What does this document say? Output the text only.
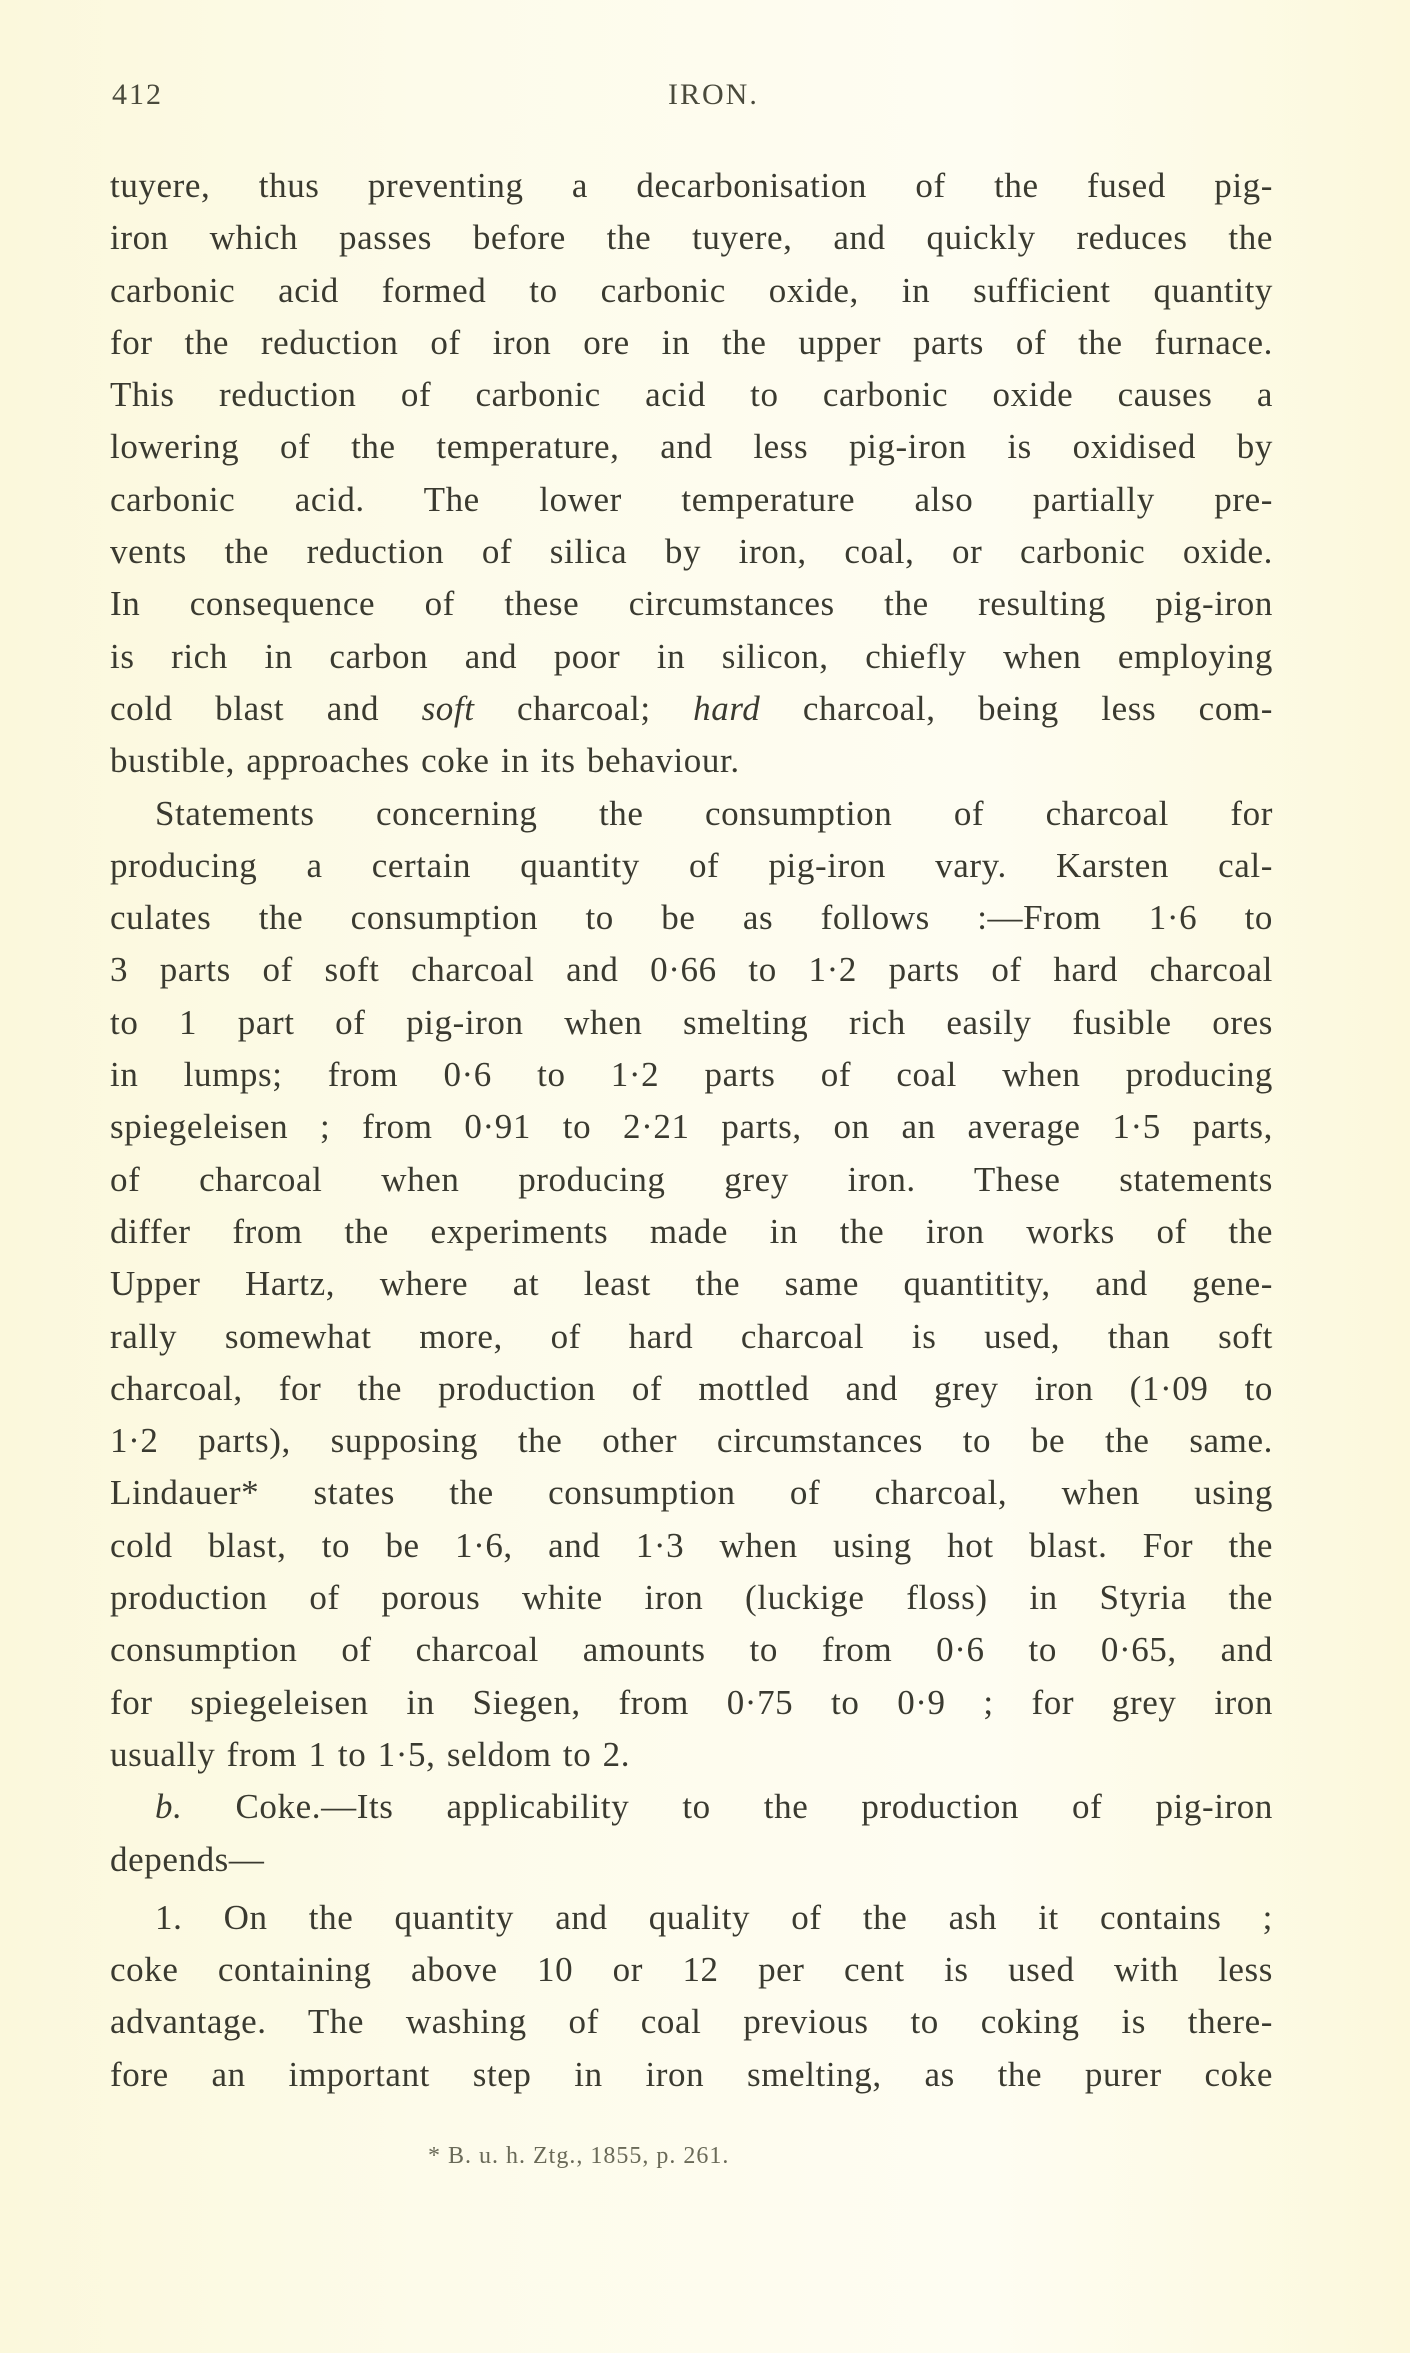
412	IRON.
tuyere, thus preventing a decarbonisation of the fused pig-
iron which passes before the tuyere, and quickly reduces the
carbonic acid formed to carbonic oxide, in sufficient quantity
for the reduction of iron ore in the upper parts of the furnace.
This reduction of carbonic acid to carbonic oxide causes a
lowering of the temperature, and less pig-iron is oxidised by
carbonic acid. The lower temperature also partially pre-
vents the reduction of silica by iron, coal, or carbonic oxide.
In consequence of these circumstances the resulting pig-iron
is rich in carbon and poor in silicon, chiefly when employing
cold blast and soft charcoal; hard charcoal, being less com-
bustible, approaches coke in its behaviour.
Statements concerning the consumption of charcoal for
producing a certain quantity of pig-iron vary. Karsten cal-
culates the consumption to be as follows :—From 1·6 to
3 parts of soft charcoal and 0·66 to 1·2 parts of hard charcoal
to 1 part of pig-iron when smelting rich easily fusible ores
in lumps; from 0·6 to 1·2 parts of coal when producing
spiegeleisen ; from 0·91 to 2·21 parts, on an average 1·5 parts,
of charcoal when producing grey iron. These statements
differ from the experiments made in the iron works of the
Upper Hartz, where at least the same quantitity, and gene-
rally somewhat more, of hard charcoal is used, than soft
charcoal, for the production of mottled and grey iron (1·09 to
1·2 parts), supposing the other circumstances to be the same.
Lindauer* states the consumption of charcoal, when using
cold blast, to be 1·6, and 1·3 when using hot blast. For the
production of porous white iron (luckige floss) in Styria the
consumption of charcoal amounts to from 0·6 to 0·65, and
for spiegeleisen in Siegen, from 0·75 to 0·9 ; for grey iron
usually from 1 to 1·5, seldom to 2.
b. Coke.—Its applicability to the production of pig-iron
depends—
1. On the quantity and quality of the ash it contains ;
coke containing above 10 or 12 per cent is used with less
advantage. The washing of coal previous to coking is there-
fore an important step in iron smelting, as the purer coke
* B. u. h. Ztg., 1855, p. 261.
